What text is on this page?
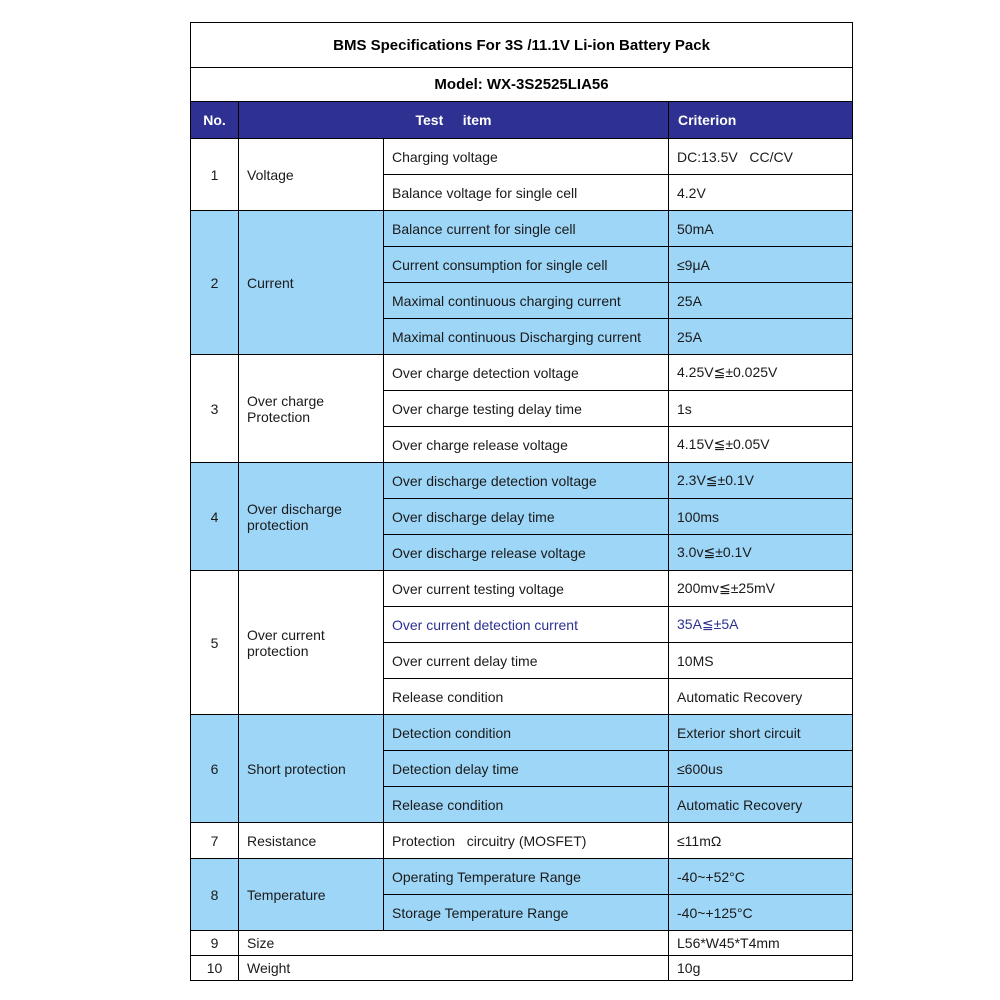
BMS Specifications For 3S /11.1V Li-ion Battery Pack			
Model: WX-3S2525LIA56			
No.	Test     item		Criterion
1	Voltage	Charging voltage	DC:13.5V   CC/CV
		Balance voltage for single cell	4.2V
2	Current	Balance current for single cell	50mA
		Current consumption for single cell	≤9μA
		Maximal continuous charging current	25A
		Maximal continuous Discharging current	25A
3	Over charge Protection	Over charge detection voltage	4.25V≦±0.025V
		Over charge testing delay time	1s
		Over charge release voltage	4.15V≦±0.05V
4	Over discharge protection	Over discharge detection voltage	2.3V≦±0.1V
		Over discharge delay time	100ms
		Over discharge release voltage	3.0v≦±0.1V
5	Over current protection	Over current testing voltage	200mv≦±25mV
		Over current detection current	35A≦±5A
		Over current delay time	10MS
		Release condition	Automatic Recovery
6	Short protection	Detection condition	Exterior short circuit
		Detection delay time	≤600us
		Release condition	Automatic Recovery
7	Resistance	Protection   circuitry (MOSFET)	≤11mΩ
8	Temperature	Operating Temperature Range	-40~+52°C
		Storage Temperature Range	-40~+125°C
9	Size		L56*W45*T4mm
10	Weight		10g
